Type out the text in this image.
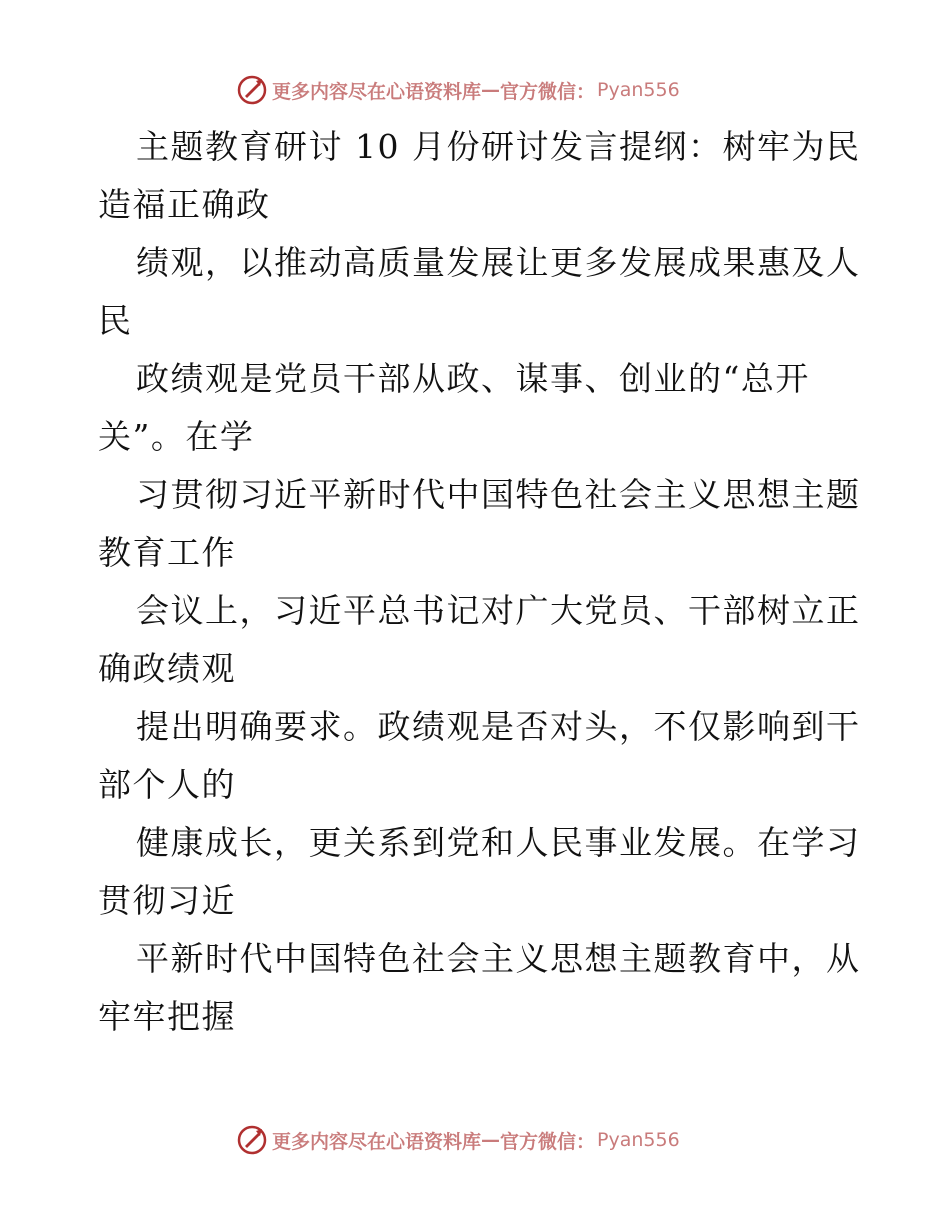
更多内容尽在心语资料库 — 官方微信： Pyan556
主题教育研讨 10 月份研讨发言提纲：树牢为民
造福正确政
绩观，以推动高质量发展让更多发展成果惠及人
民
政绩观是党员干部从政、谋事、创业的“总开
关”。在学
习贯彻习近平新时代中国特色社会主义思想主题
教育工作
会议上，习近平总书记对广大党员、干部树立正
确政绩观
提出明确要求。政绩观是否对头，不仅影响到干
部个人的
健康成长，更关系到党和人民事业发展。在学习
贯彻习近
平新时代中国特色社会主义思想主题教育中，从
牢牢把握
更多内容尽在心语资料库 — 官方微信： Pyan556
